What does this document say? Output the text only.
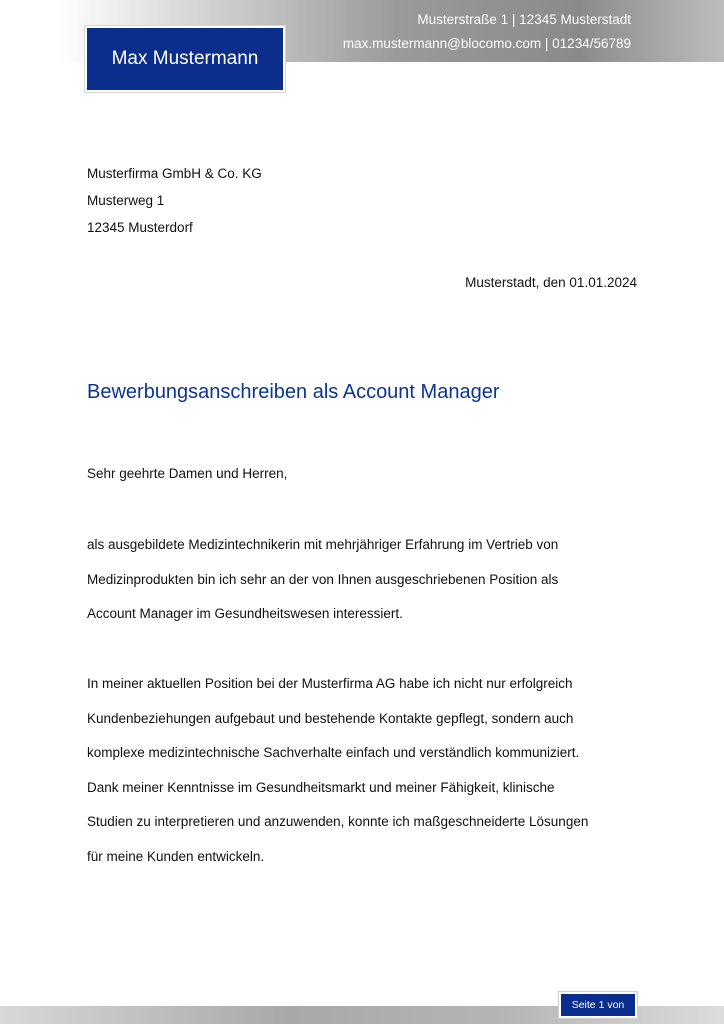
Musterstraße 1 | 12345 Musterstadt
max.mustermann@blocomo.com | 01234/56789
Max Mustermann
Musterfirma GmbH & Co. KG
Musterweg 1
12345 Musterdorf
Musterstadt, den 01.01.2024
Bewerbungsanschreiben als Account Manager
Sehr geehrte Damen und Herren,
als ausgebildete Medizintechnikerin mit mehrjähriger Erfahrung im Vertrieb von
Medizinprodukten bin ich sehr an der von Ihnen ausgeschriebenen Position als
Account Manager im Gesundheitswesen interessiert.
In meiner aktuellen Position bei der Musterfirma AG habe ich nicht nur erfolgreich
Kundenbeziehungen aufgebaut und bestehende Kontakte gepflegt, sondern auch
komplexe medizintechnische Sachverhalte einfach und verständlich kommuniziert.
Dank meiner Kenntnisse im Gesundheitsmarkt und meiner Fähigkeit, klinische
Studien zu interpretieren und anzuwenden, konnte ich maßgeschneiderte Lösungen
für meine Kunden entwickeln.
Seite 1 von
